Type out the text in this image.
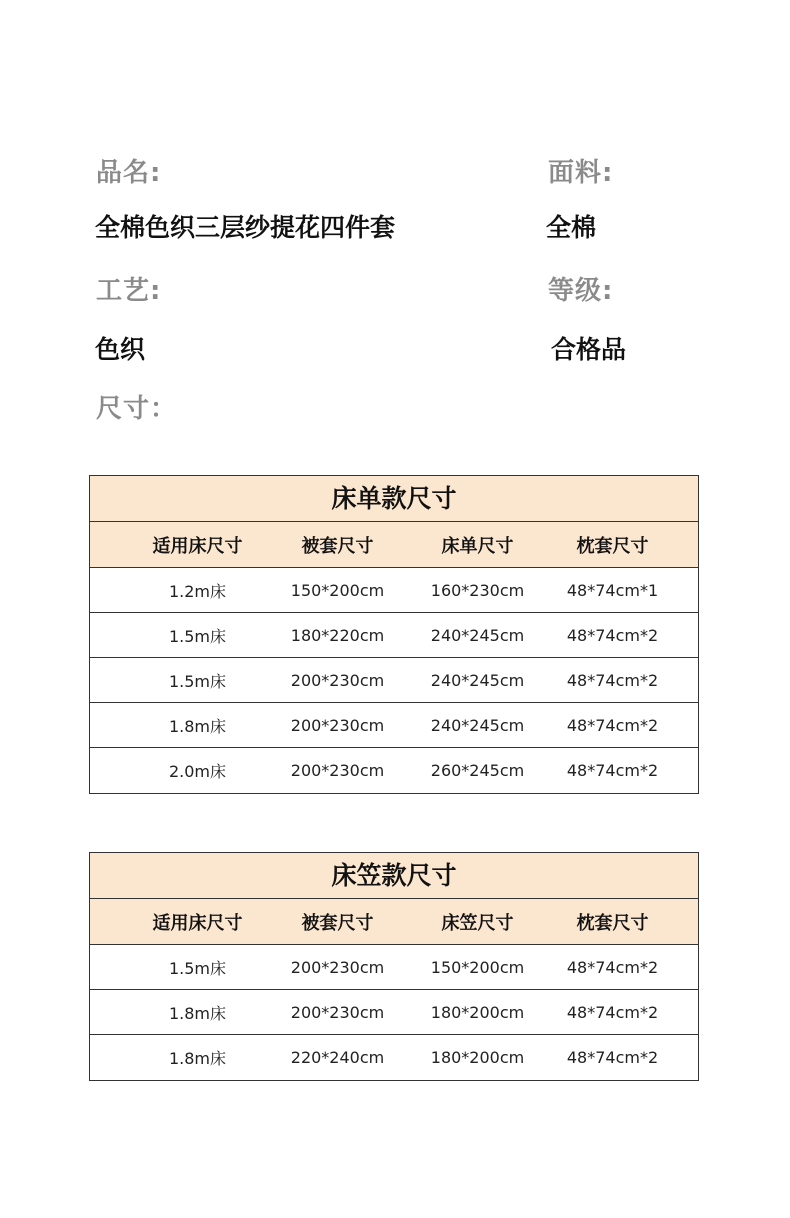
品名:	面料:
全棉色织三层纱提花四件套	全棉
工艺:	等级:
色织	合格品
尺寸：
床单款尺寸
适用床尺寸	被套尺寸	床单尺寸	枕套尺寸
1.2m床	150*200cm	160*230cm	48*74cm*1
1.5m床	180*220cm	240*245cm	48*74cm*2
1.5m床	200*230cm	240*245cm	48*74cm*2
1.8m床	200*230cm	240*245cm	48*74cm*2
2.0m床	200*230cm	260*245cm	48*74cm*2
床笠款尺寸
适用床尺寸	被套尺寸	床笠尺寸	枕套尺寸
1.5m床	200*230cm	150*200cm	48*74cm*2
1.8m床	200*230cm	180*200cm	48*74cm*2
1.8m床	220*240cm	180*200cm	48*74cm*2
